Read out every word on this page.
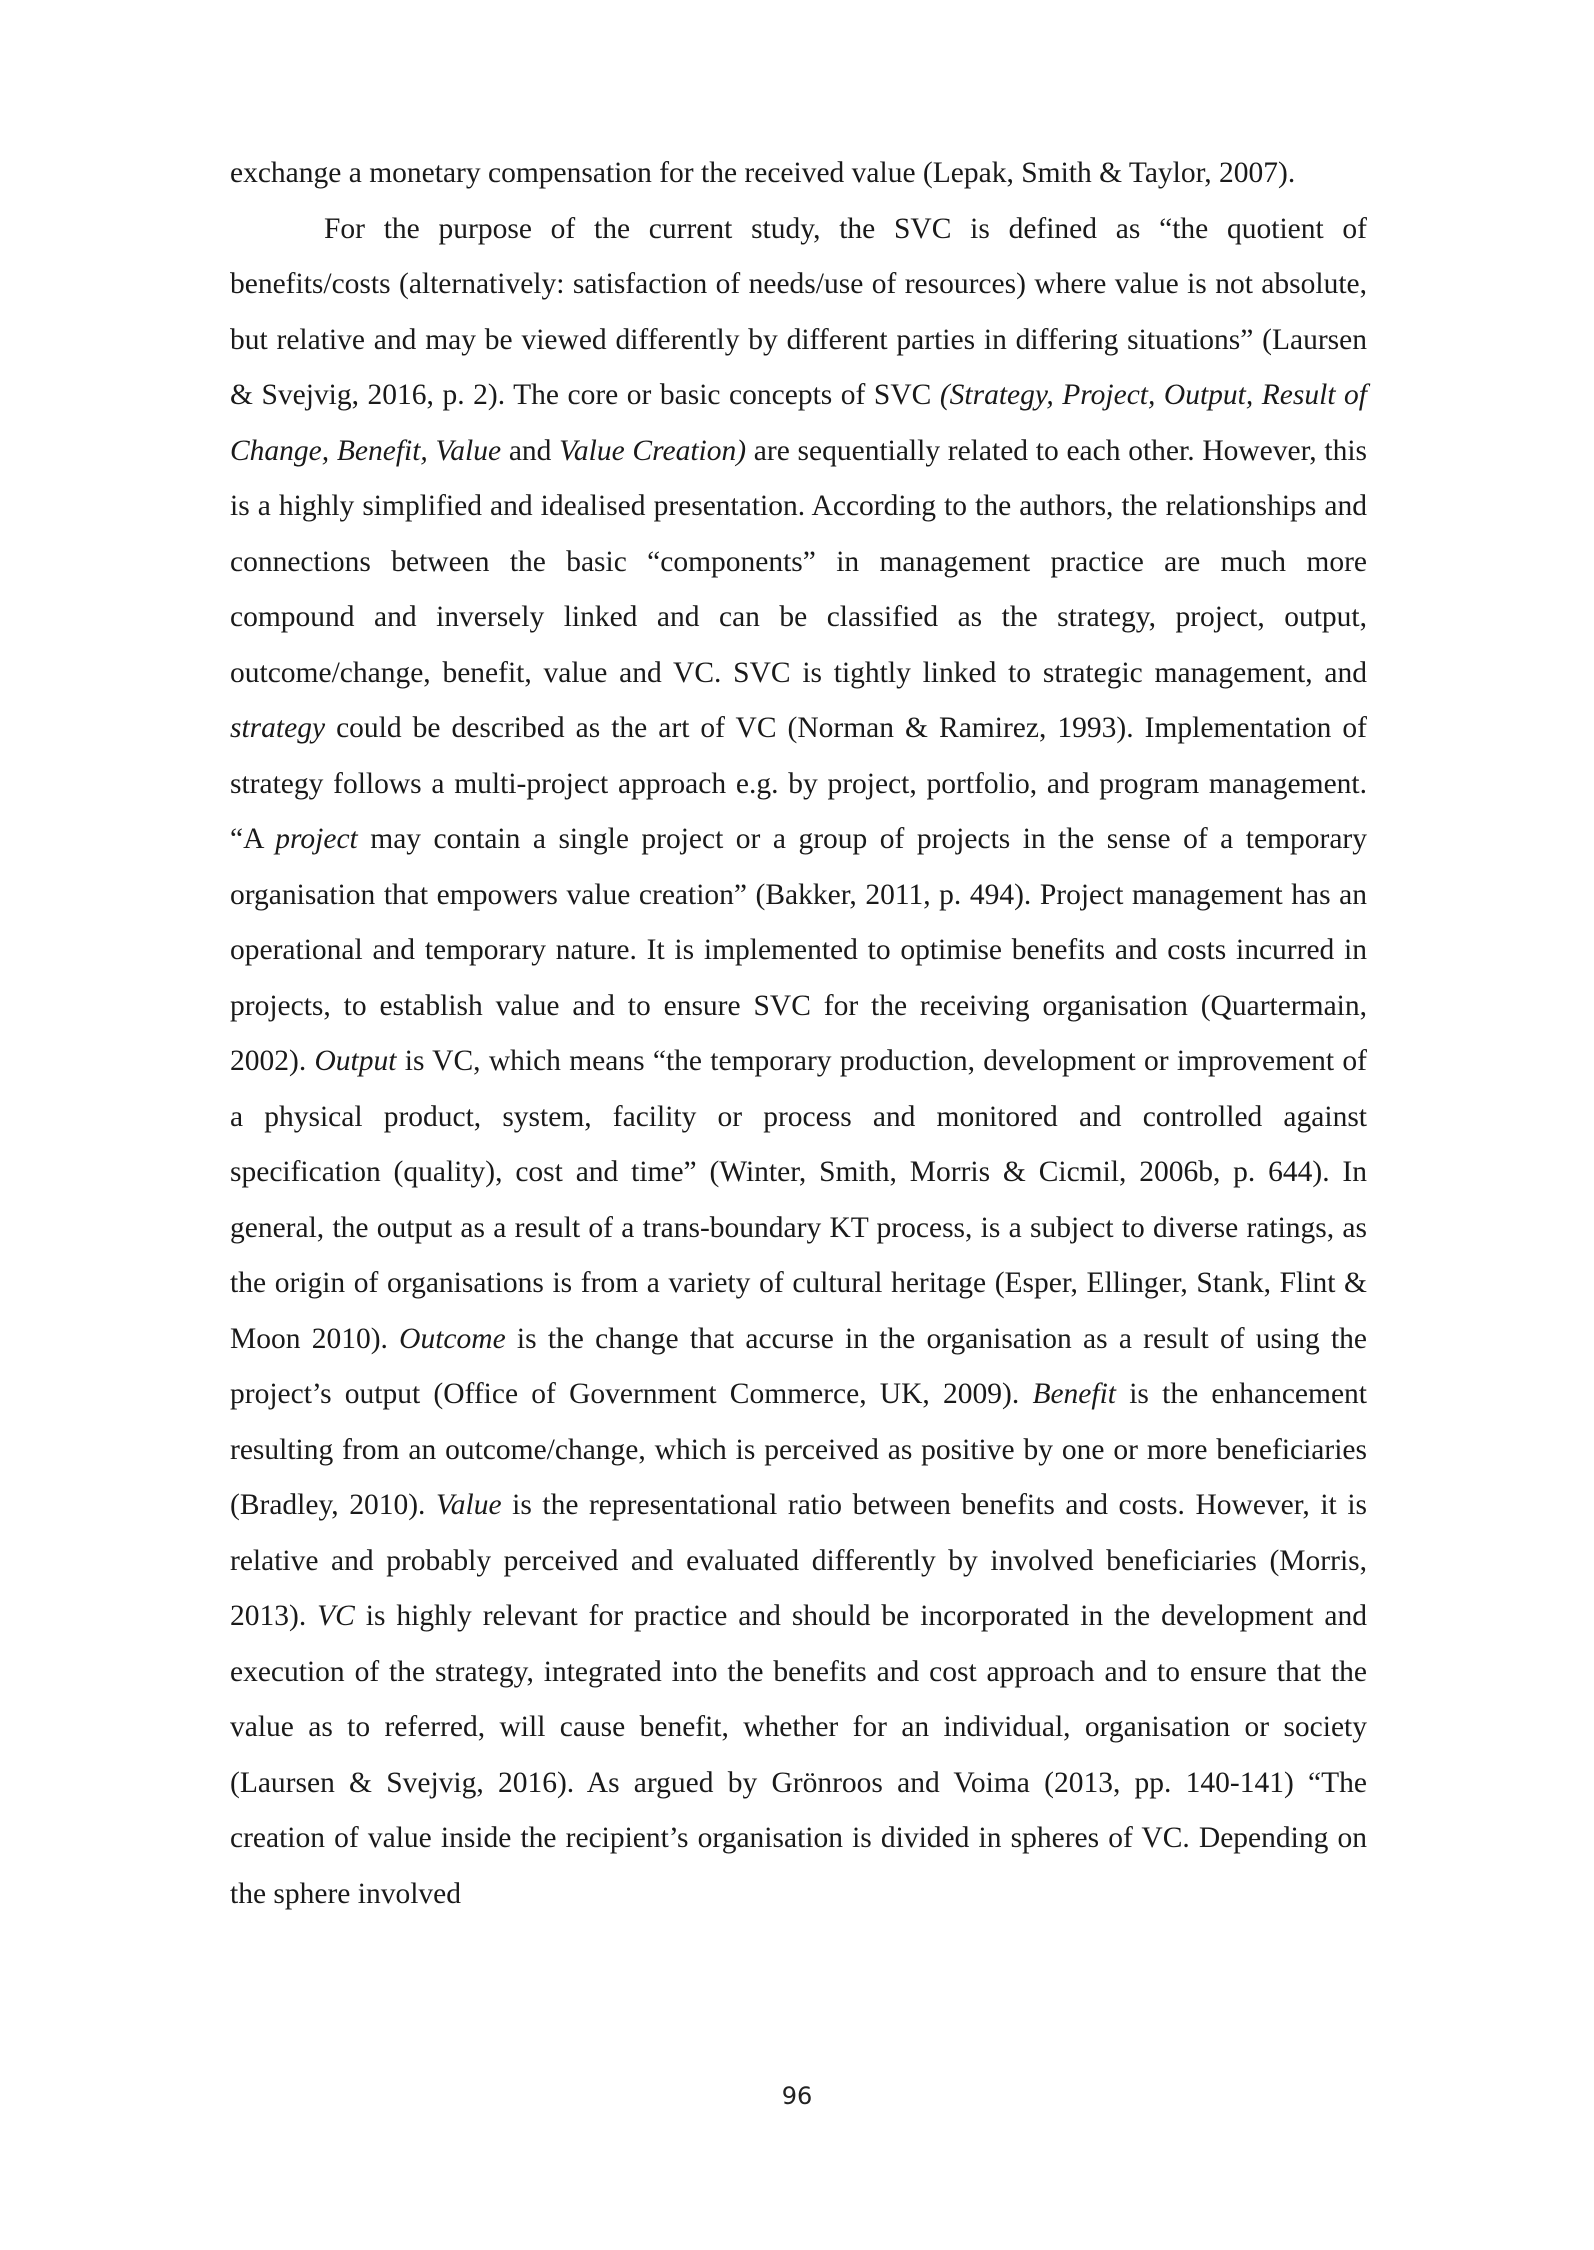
exchange a monetary compensation for the received value (Lepak, Smith & Taylor, 2007).

For the purpose of the current study, the SVC is defined as “the quotient of benefits/costs (alternatively: satisfaction of needs/use of resources) where value is not absolute, but relative and may be viewed differently by different parties in differing situations” (Laursen & Svejvig, 2016, p. 2). The core or basic concepts of SVC (Strategy, Project, Output, Result of Change, Benefit, Value and Value Creation) are sequentially related to each other. However, this is a highly simplified and idealised presentation. According to the authors, the relationships and connections between the basic “components” in management practice are much more compound and inversely linked and can be classified as the strategy, project, output, outcome/change, benefit, value and VC. SVC is tightly linked to strategic management, and strategy could be described as the art of VC (Norman & Ramirez, 1993). Implementation of strategy follows a multi-project approach e.g. by project, portfolio, and program management. “A project may contain a single project or a group of projects in the sense of a temporary organisation that empowers value creation” (Bakker, 2011, p. 494). Project management has an operational and temporary nature. It is implemented to optimise benefits and costs incurred in projects, to establish value and to ensure SVC for the receiving organisation (Quartermain, 2002). Output is VC, which means “the temporary production, development or improvement of a physical product, system, facility or process and monitored and controlled against specification (quality), cost and time” (Winter, Smith, Morris & Cicmil, 2006b, p. 644). In general, the output as a result of a trans-boundary KT process, is a subject to diverse ratings, as the origin of organisations is from a variety of cultural heritage (Esper, Ellinger, Stank, Flint & Moon 2010). Outcome is the change that accurse in the organisation as a result of using the project’s output (Office of Government Commerce, UK, 2009). Benefit is the enhancement resulting from an outcome/change, which is perceived as positive by one or more beneficiaries (Bradley, 2010). Value is the representational ratio between benefits and costs. However, it is relative and probably perceived and evaluated differently by involved beneficiaries (Morris, 2013). VC is highly relevant for practice and should be incorporated in the development and execution of the strategy, integrated into the benefits and cost approach and to ensure that the value as to referred, will cause benefit, whether for an individual, organisation or society (Laursen & Svejvig, 2016). As argued by Grönroos and Voima (2013, pp. 140-141) “The creation of value inside the recipient’s organisation is divided in spheres of VC. Depending on the sphere involved

96
